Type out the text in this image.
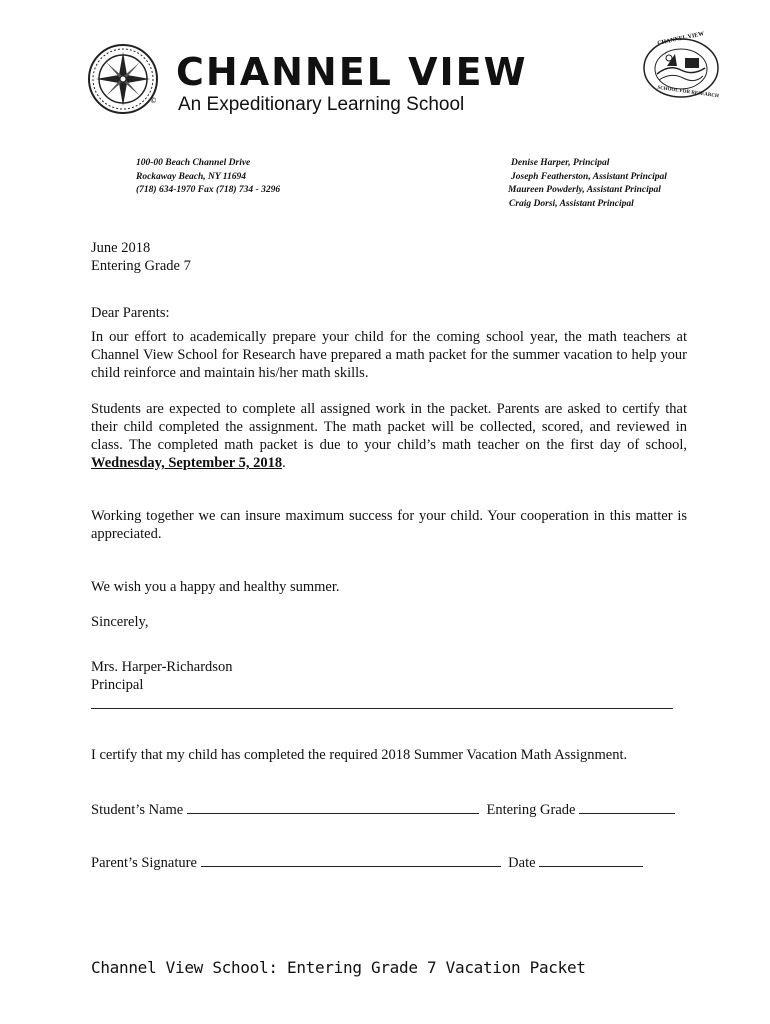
©
CHANNEL VIEW
An Expeditionary Learning School
CHANNEL VIEW
SCHOOL FOR RESEARCH
100-00 Beach Channel Drive
Rockaway Beach, NY 11694
(718) 634-1970 Fax (718) 734 - 3296
Denise Harper, Principal
Joseph Featherston, Assistant Principal
Maureen Powderly, Assistant Principal
Craig Dorsi, Assistant Principal
June 2018
Entering Grade 7
Dear Parents:
In our effort to academically prepare your child for the coming school year, the math teachers at Channel View School for Research have prepared a math packet for the summer vacation to help your child reinforce and maintain his/her math skills.
Students are expected to complete all assigned work in the packet. Parents are asked to certify that their child completed the assignment. The math packet will be collected, scored, and reviewed in class. The completed math packet is due to your child’s math teacher on the first day of school, Wednesday, September 5, 2018.
Working together we can insure maximum success for your child. Your cooperation in this matter is appreciated.
We wish you a happy and healthy summer.
Sincerely,
Mrs. Harper-Richardson
Principal
I certify that my child has completed the required 2018 Summer Vacation Math Assignment.
Student’s Name	Entering Grade
Parent’s Signature	Date
Channel View School: Entering Grade 7 Vacation Packet
